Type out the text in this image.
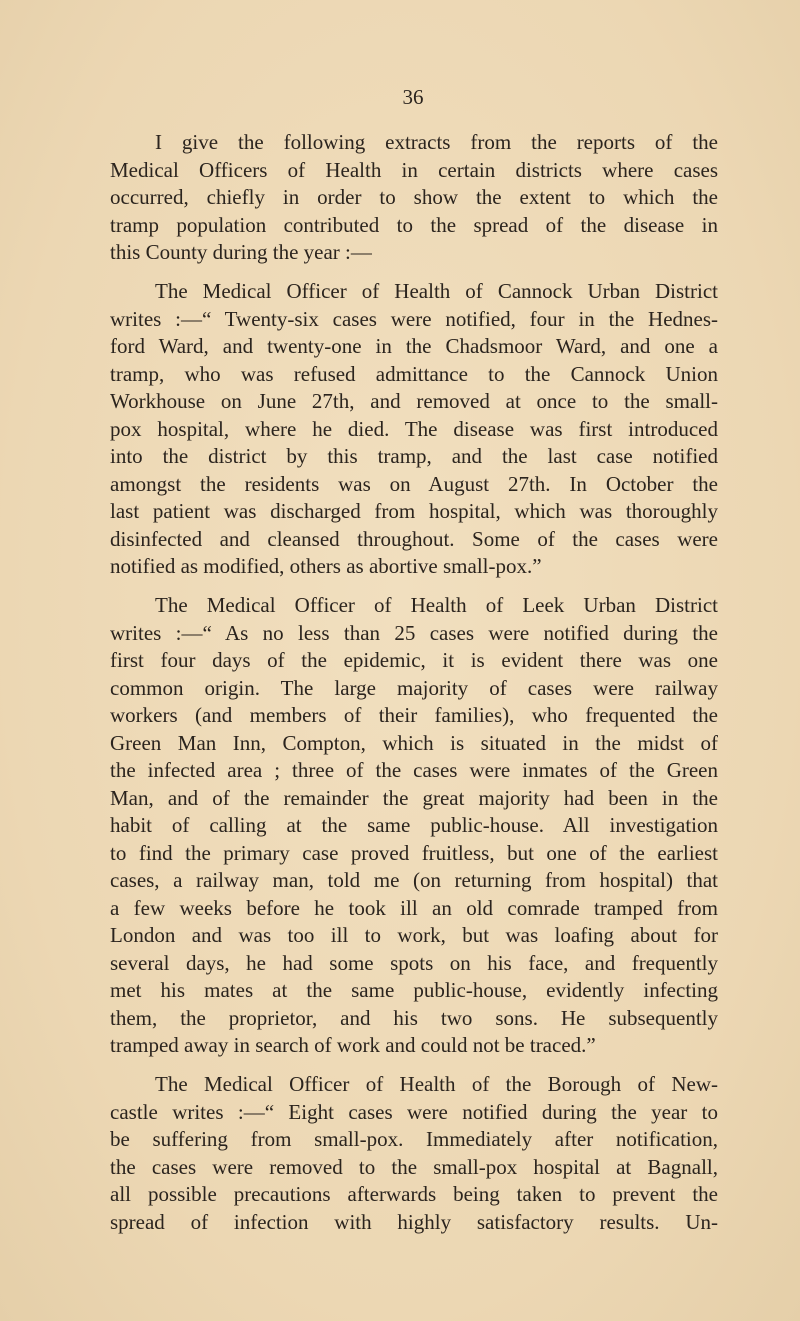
36
I give the following extracts from the reports of the
Medical Officers of Health in certain districts where cases
occurred, chiefly in order to show the extent to which the
tramp population contributed to the spread of the disease in
this County during the year :—
The Medical Officer of Health of Cannock Urban District
writes :—“ Twenty-six cases were notified, four in the Hednes-
ford Ward, and twenty-one in the Chadsmoor Ward, and one a
tramp, who was refused admittance to the Cannock Union
Workhouse on June 27th, and removed at once to the small-
pox hospital, where he died. The disease was first introduced
into the district by this tramp, and the last case notified
amongst the residents was on August 27th. In October the
last patient was discharged from hospital, which was thoroughly
disinfected and cleansed throughout. Some of the cases were
notified as modified, others as abortive small-pox.”
The Medical Officer of Health of Leek Urban District
writes :—“ As no less than 25 cases were notified during the
first four days of the epidemic, it is evident there was one
common origin. The large majority of cases were railway
workers (and members of their families), who frequented the
Green Man Inn, Compton, which is situated in the midst of
the infected area ; three of the cases were inmates of the Green
Man, and of the remainder the great majority had been in the
habit of calling at the same public-house. All investigation
to find the primary case proved fruitless, but one of the earliest
cases, a railway man, told me (on returning from hospital) that
a few weeks before he took ill an old comrade tramped from
London and was too ill to work, but was loafing about for
several days, he had some spots on his face, and frequently
met his mates at the same public-house, evidently infecting
them, the proprietor, and his two sons. He subsequently
tramped away in search of work and could not be traced.”
The Medical Officer of Health of the Borough of New-
castle writes :—“ Eight cases were notified during the year to
be suffering from small-pox. Immediately after notification,
the cases were removed to the small-pox hospital at Bagnall,
all possible precautions afterwards being taken to prevent the
spread of infection with highly satisfactory results. Un-
